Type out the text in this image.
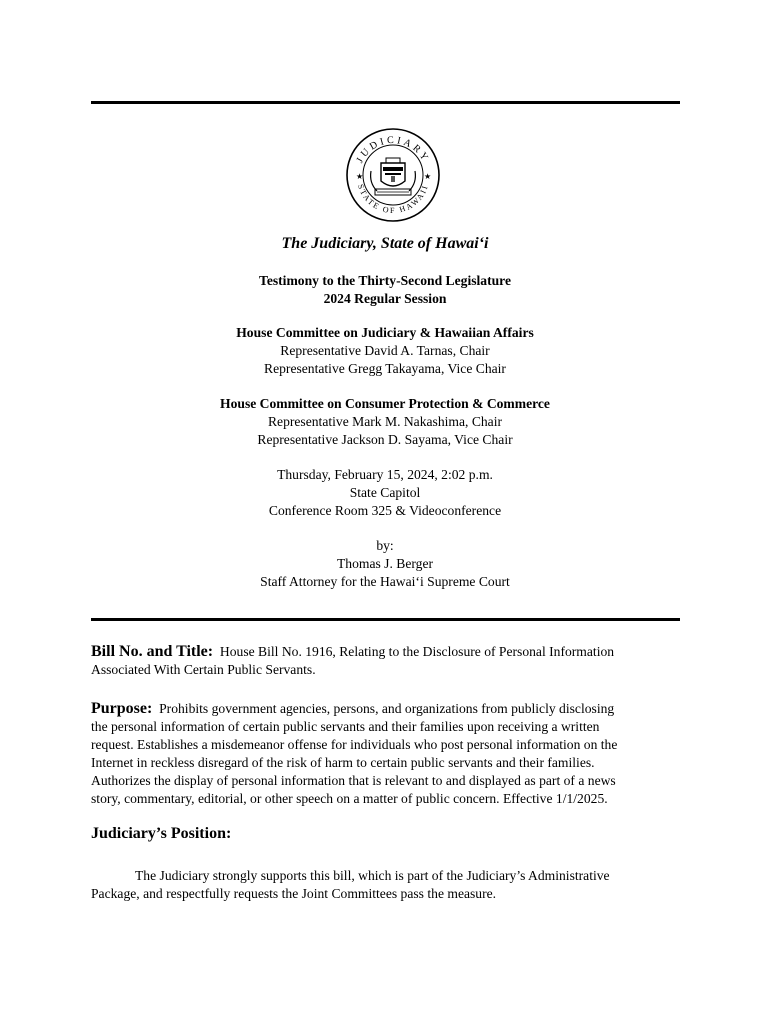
JUDICIARY
STATE OF HAWAII
★	★
The Judiciary, State of Hawai‘i
Testimony to the Thirty-Second Legislature
2024 Regular Session
House Committee on Judiciary & Hawaiian Affairs
Representative David A. Tarnas, Chair
Representative Gregg Takayama, Vice Chair
House Committee on Consumer Protection & Commerce
Representative Mark M. Nakashima, Chair
Representative Jackson D. Sayama, Vice Chair
Thursday, February 15, 2024, 2:02 p.m.
State Capitol
Conference Room 325 & Videoconference
by:
Thomas J. Berger
Staff Attorney for the Hawai‘i Supreme Court
Bill No. and Title: House Bill No. 1916, Relating to the Disclosure of Personal Information
Associated With Certain Public Servants.
Purpose: Prohibits government agencies, persons, and organizations from publicly disclosing
the personal information of certain public servants and their families upon receiving a written
request. Establishes a misdemeanor offense for individuals who post personal information on the
Internet in reckless disregard of the risk of harm to certain public servants and their families.
Authorizes the display of personal information that is relevant to and displayed as part of a news
story, commentary, editorial, or other speech on a matter of public concern. Effective 1/1/2025.
Judiciary’s Position:
The Judiciary strongly supports this bill, which is part of the Judiciary’s Administrative
Package, and respectfully requests the Joint Committees pass the measure.
